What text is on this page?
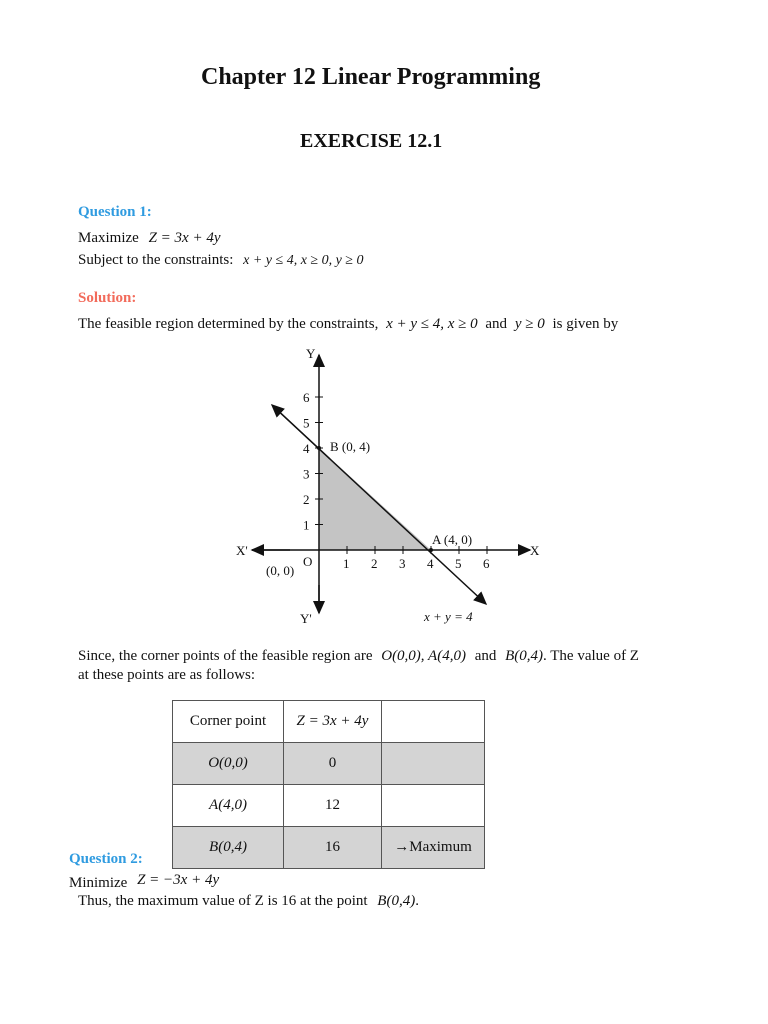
Chapter 12 Linear Programming
EXERCISE 12.1
Question 1:
Maximize Z = 3x + 4y
Subject to the constraints: x + y ≤ 4, x ≥ 0, y ≥ 0
Solution:
The feasible region determined by the constraints, x + y ≤ 4, x ≥ 0 and y ≥ 0 is given by
1 2 3 4 5 6
1
2
3
4
5
6
X
X'
Y
Y'
O
(0, 0)
A (4, 0)
B (0, 4)
x + y = 4
Since, the corner points of the feasible region are O(0,0), A(4,0) and B(0,4). The value of Z
at these points are as follows:
Corner point	Z = 3x + 4y	
O(0,0)	0	
A(4,0)	12	
B(0,4)	16	→Maximum
Question 2:
Minimize Z = −3x + 4y
Thus, the maximum value of Z is 16 at the point B(0,4).
